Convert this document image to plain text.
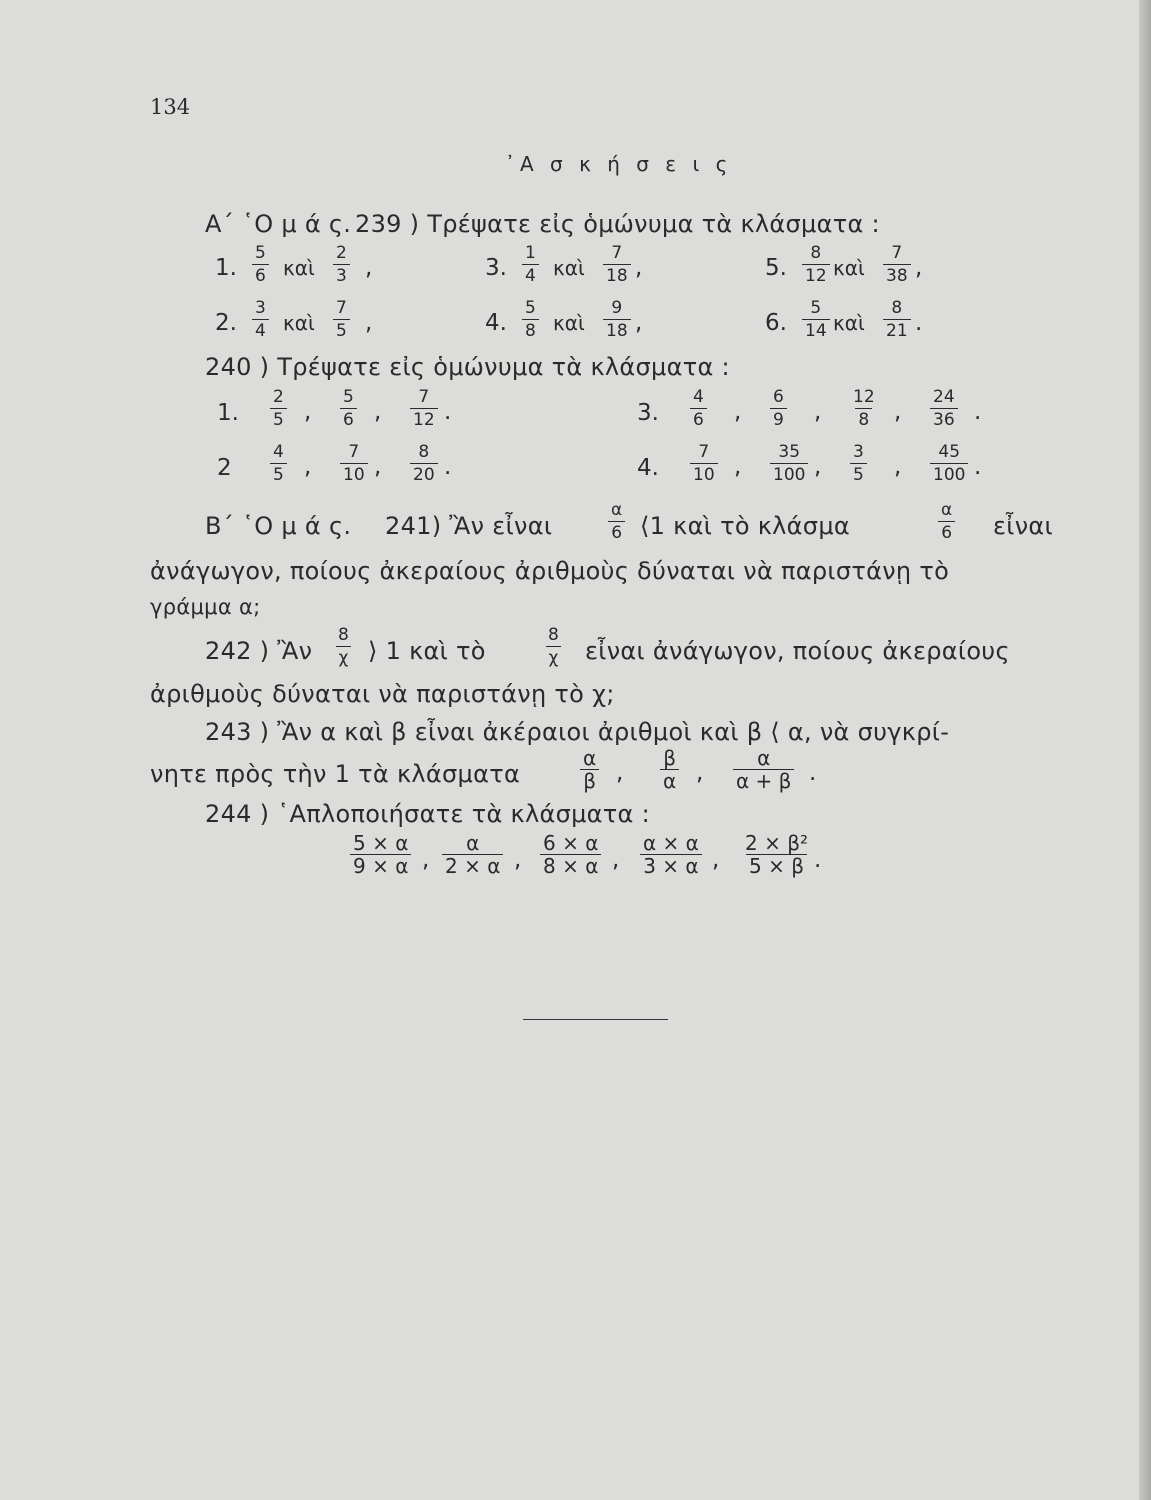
134
᾿Α σ κ ή σ ε ι ς
Α΄ ῾Ο μ ά ς. 239 ) Τρέψατε εἰς ὁμώνυμα τὰ κλάσματα :
1. $\frac{5}{6}$ καὶ $\frac{2}{3}$ ,
2. $\frac{3}{4}$ καὶ $\frac{7}{5}$ ,
3. $\frac{1}{4}$ καὶ $\frac{7}{18}$ ,
4. $\frac{5}{8}$ καὶ $\frac{9}{18}$ ,
5. $\frac{8}{12}$ καὶ $\frac{7}{38}$ ,
6. $\frac{5}{14}$ καὶ $\frac{8}{21}$ .
240 ) Τρέψατε εἰς ὁμώνυμα τὰ κλάσματα :
1. $\frac{2}{5}$ , $\frac{5}{6}$ , $\frac{7}{12}$ .
$2 \frac{4}{5}$ , $\frac{7}{10}$ , $\frac{8}{20}$ .
3. $\frac{4}{6}$ , $\frac{6}{9}$ , $\frac{12}{8}$ , $\frac{24}{36}$ .
4. $\frac{7}{10}$ , $\frac{35}{100}$ , $\frac{3}{5}$ , $\frac{45}{100}$ .
Β΄ ῾Ο μ ά ς. 241) Ἂν εἶναι	$\frac{\alpha}{6}$ ⟨1 καὶ τὸ κλάσμα	$\frac{\alpha}{6}$ εἶναι
ἀνάγωγον, ποίους ἀκεραίους ἀριθμοὺς δύναται νὰ παριστάνῃ τὸ
γράμμα α;
242 ) Ἂν $\frac{8}{\chi}$ ⟩ 1 καὶ τὸ	$\frac{8}{\chi}$ εἶναι ἀνάγωγον, ποίους ἀκεραίους
ἀριθμοὺς δύναται νὰ παριστάνῃ τὸ χ;
243 ) Ἂν α καὶ β εἶναι ἀκέραιοι ἀριθμοὶ καὶ β ⟨ α, νὰ συγκρί-
νητε πρὸς τὴν 1 τὰ κλάσματα	$\frac{\alpha}{\beta}$ , $\frac{\beta}{\alpha}$ , $\frac{\alpha}{\alpha + \beta}$ .
244 ) ῾Απλοποιήσατε τὰ κλάσματα :
$\frac{5 \times \alpha}{9 \times \alpha}$ , $\frac{\alpha}{2 \times \alpha}$ , $\frac{6 \times \alpha}{8 \times \alpha}$ , $\frac{\alpha \times \alpha}{3 \times \alpha}$ , $\frac{\text{2 × β²}}{5 \times \beta}$ .
